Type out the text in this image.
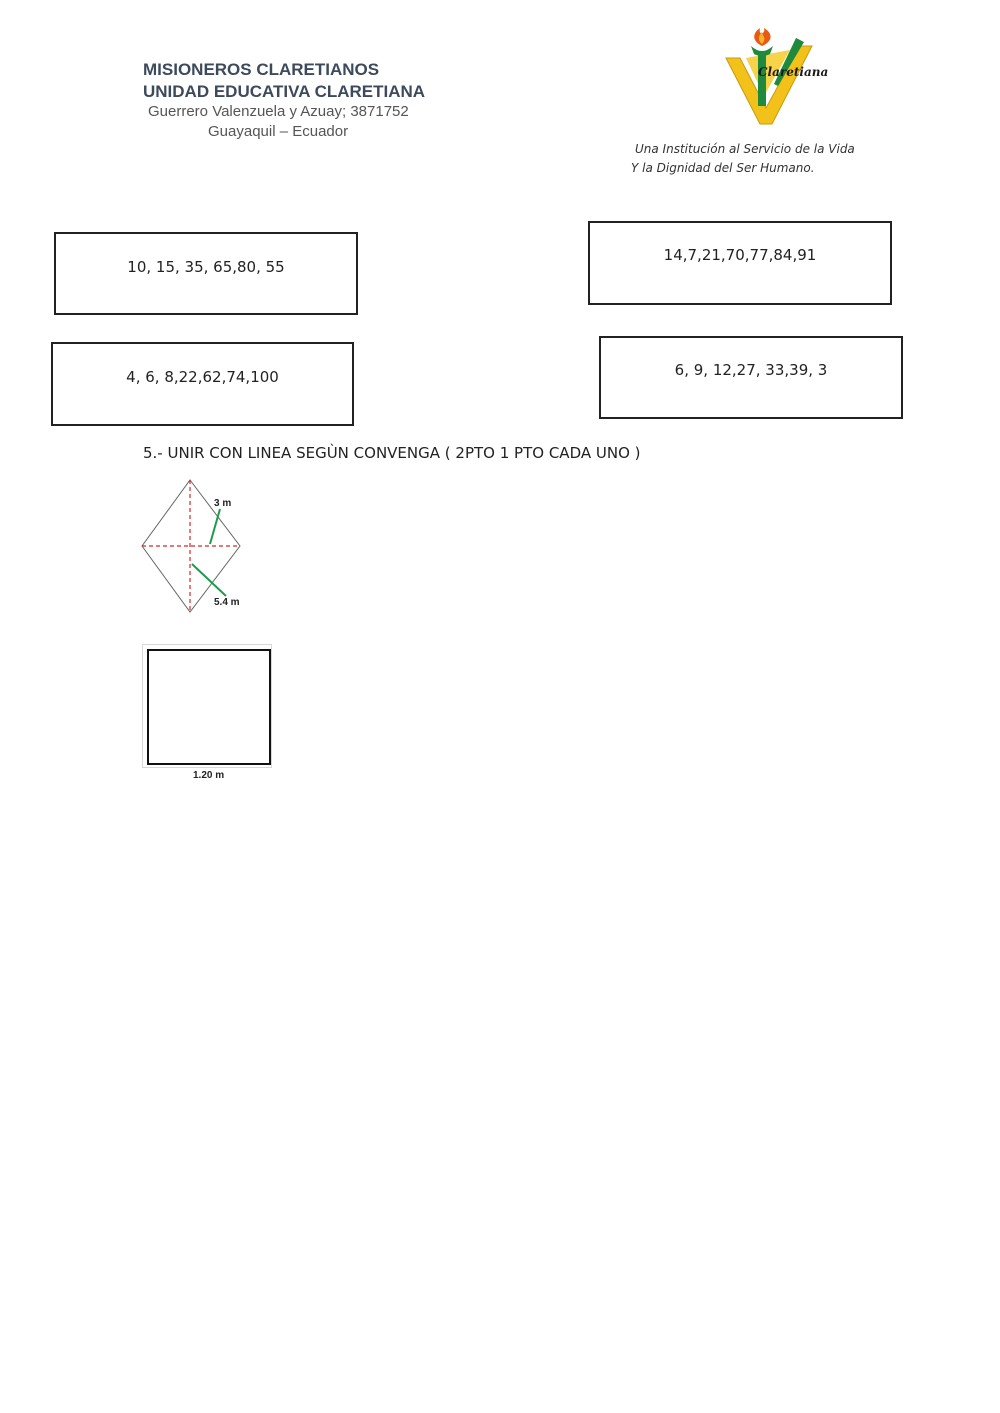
MISIONEROS CLARETIANOS
UNIDAD EDUCATIVA CLARETIANA
Guerrero Valenzuela y Azuay; 3871752
Guayaquil – Ecuador
Claretiana
Una Institución al Servicio de la Vida
Y la Dignidad del Ser Humano.
10, 15, 35, 65,80, 55
14,7,21,70,77,84,91
4, 6, 8,22,62,74,100	6, 9, 12,27, 33,39, 3
5.- UNIR CON LINEA SEGÙN CONVENGA ( 2PTO 1 PTO CADA UNO )
3 m
5.4 m
1.20 m
